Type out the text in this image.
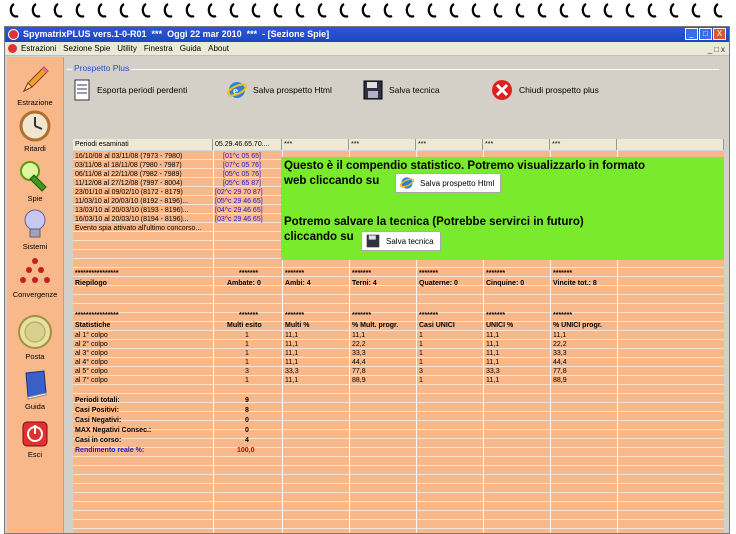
SpymatrixPLUS vers.1-0-R01  ***  Oggi 22 mar 2010  ***  - [Sezione Spie]	_	□	X
Estrazioni Sezione Spie Utility Finestra Guida About	_ □ x
Estrazione
Ritardi
Spie
Sistemi
Convergenze
Posta
Guida
Esci
Prospetto Plus
Esporta periodi perdenti	e Salva prospetto Html	Salva tecnica	Chiudi prospetto plus
Periodi esaminati	05.29.46.65.70....	***	***	***	***	***
16/10/08 al 03/11/08 (7973 - 7980)	[01^c 05 65]
03/11/08 al 18/11/08 (7980 - 7987)	[07^c 05 76]
06/11/08 al 22/11/08 (7982 - 7989)	[05^c 05 76]
11/12/08 al 27/12/08 (7997 - 8004)	[05^c 65 87]
23/01/10 al 09/02/10 (8172 - 8179)	[02^c 29 70 87]
11/03/10 al 20/03/10 (8192 - 8196)...	[05^c 29 46 65]
13/03/10 al 20/03/10 (8193 - 8196)...	[04^c 29 46 65]
16/03/10 al 20/03/10 (8194 - 8196)...	[03^c 29 46 65]
Evento spia attivato all'ultimo concorso...
****************	*******	*******	*******	*******	*******	*******
Riepilogo	Ambate: 0	Ambi: 4	Terni: 4	Quaterne: 0	Cinquine: 0	Vincite tot.: 8
****************	*******	*******	*******	*******	*******	*******
Statistiche	Multi esito	Multi %	% Mult. progr.	Casi UNICI	UNICI %	% UNICI progr.
al 1° colpo	1	11,1	11,1	1	11,1	11,1
al 2° colpo	1	11,1	22,2	1	11,1	22,2
al 3° colpo	1	11,1	33,3	1	11,1	33,3
al 4° colpo	1	11,1	44,4	1	11,1	44,4
al 5° colpo	3	33,3	77,8	3	33,3	77,8
al 7° colpo	1	11,1	88,9	1	11,1	88,9
Periodi totali:	9
Casi Positivi:	8
Casi Negativi:	0
MAX Negativi Consec.:	0
Casi in corso:	4
Rendimento reale %:	100,0
Questo è il compendio statistico. Potremo visualizzarlo in formato
web cliccando su	Salva prospetto Html
Potremo salvare la tecnica (Potrebbe servirci in futuro)
cliccando su	Salva tecnica
